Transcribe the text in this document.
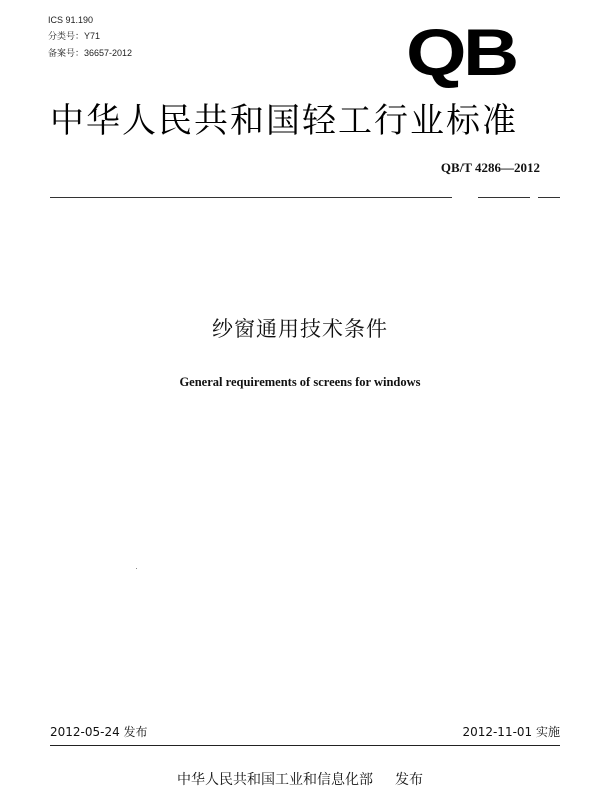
ICS 91.190
分类号：Y71
备案号：36657-2012	QB
中华人民共和国轻工行业标准
QB/T 4286—2012
纱窗通用技术条件
General requirements of screens for windows
2012-05-24 发布	2012-11-01 实施
中华人民共和国工业和信息化部 发布
